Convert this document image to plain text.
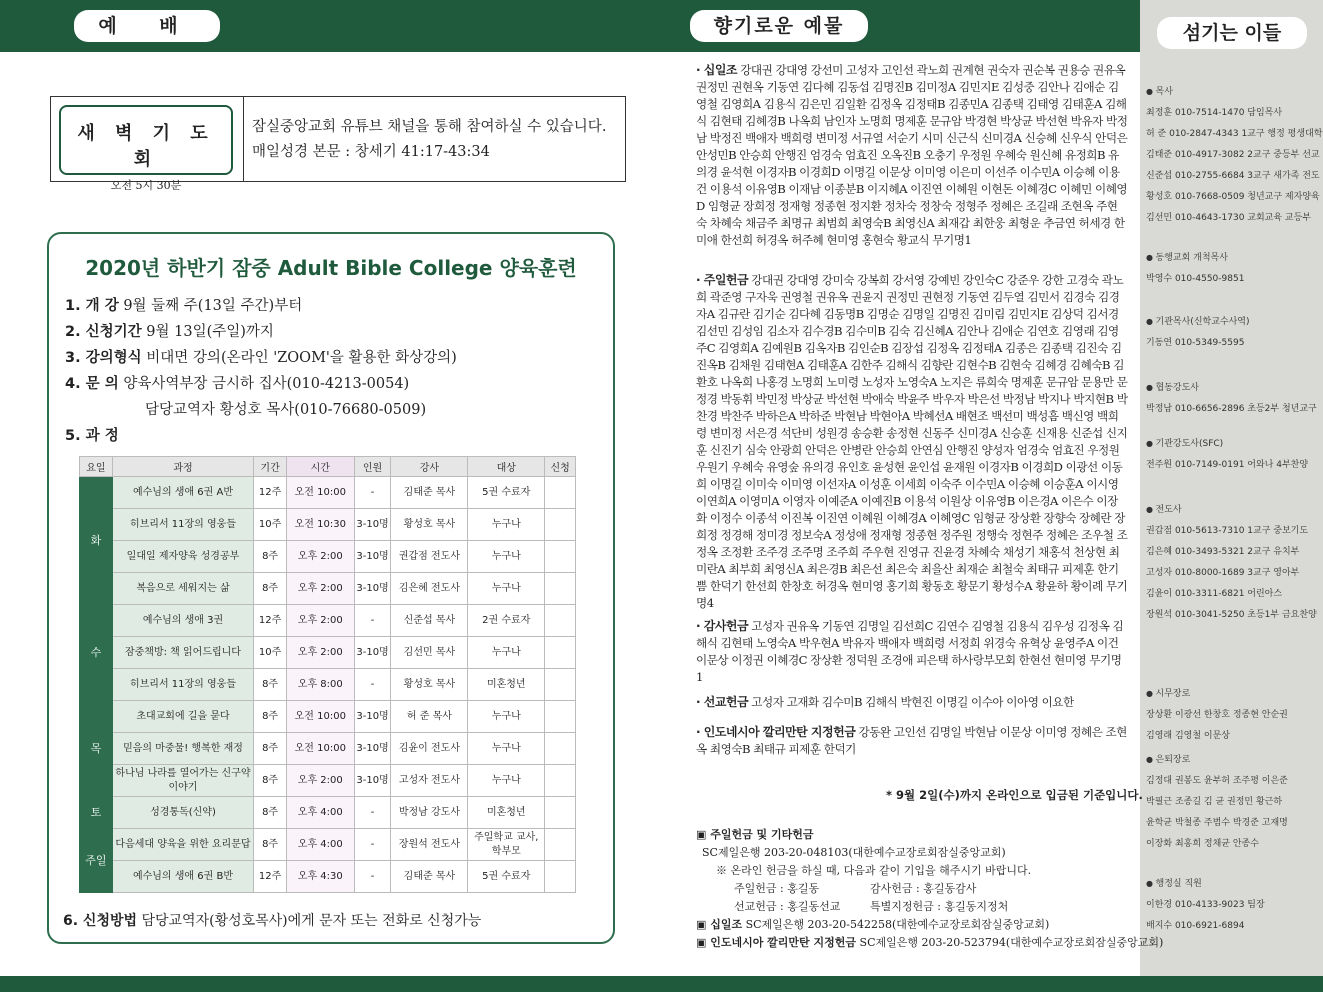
예 배	향기로운 예물	섬기는 이들
새 벽 기 도 회
오전 5시 30분
잠실중앙교회 유튜브 채널을 통해 참여하실 수 있습니다.
매일성경 본문 : 창세기 41:17-43:34
2020년 하반기 잠중 Adult Bible College 양육훈련
1. 개 강 9월 둘째 주(13일 주간)부터
2. 신청기간 9월 13일(주일)까지
3. 강의형식 비대면 강의(온라인 'ZOOM'을 활용한 화상강의)
4. 문 의 양육사역부장 금시하 집사(010-4213-0054)
담당교역자 황성호 목사(010-76680-0509)
5. 과 정
요일	과정	기간	시간	인원	강사	대상	신청
화	예수님의 생애 6권 A반	12주	오전 10:00	-	김태준 목사	5권 수료자	
	히브리서 11장의 영웅들	10주	오전 10:30	3-10명	황성호 목사	누구나	
	일대일 제자양육 성경공부	8주	오후 2:00	3-10명	권갑점 전도사	누구나	
	복음으로 세워지는 삶	8주	오후 2:00	3-10명	김은혜 전도사	누구나	
수	예수님의 생애 3권	12주	오후 2:00	-	신준섭 목사	2권 수료자	
	잠중책방: 책 읽어드립니다	10주	오후 2:00	3-10명	김선민 목사	누구나	
	히브리서 11장의 영웅들	8주	오후 8:00	-	황성호 목사	미혼청년	
목	초대교회에 길을 묻다	8주	오전 10:00	3-10명	허 준 목사	누구나	
	믿음의 마중물! 행복한 재정	8주	오전 10:00	3-10명	김윤이 전도사	누구나	
	하나님 나라를 열어가는 신구약 이야기	8주	오후 2:00	3-10명	고성자 전도사	누구나	
토	성경통독(신약)	8주	오후 4:00	-	박정남 강도사	미혼청년	
주일	다음세대 양육을 위한 요리문답	8주	오후 4:00	-	장원석 전도사	주일학교 교사, 학부모	
	예수님의 생애 6권 B반	12주	오후 4:30	-	김태준 목사	5권 수료자	
6. 신청방법 담당교역자(황성호목사)에게 문자 또는 전화로 신청가능
· 십일조 강대권 강대영 강선미 고성자 고인선 곽노희 권계현 권숙자 권순복 권용승 권유옥 권정민 권현옥 기동연 김다혜 김동섭 김명진B 김미정A 김민지E 김성중 김안나 김애순 김영철 김영희A 김용식 김은민 김일환 김정옥 김정태B 김종민A 김종택 김태영 김태훈A 김해식 김현태 김혜경B 나옥희 남인자 노명희 명제훈 문규암 박경현 박상균 박선현 박유자 박정남 박정진 백애자 백희령 변미정 서규열 서순기 시미 신근식 신미경A 신승혜 신우식 안덕은 안성민B 안승희 안행진 엄경숙 엄효진 오옥진B 오충기 우정원 우혜숙 원신혜 유정희B 유의경 윤석현 이경자B 이경희D 이명길 이문상 이미영 이은미 이선주 이수민A 이승혜 이용건 이용석 이유영B 이재남 이종분B 이지혜A 이진연 이혜원 이현돈 이혜경C 이혜민 이혜영D 임형균 장희정 정재형 정종현 정지환 정차숙 정창숙 정형주 정혜은 조길래 조현옥 주현숙 차혜숙 채금주 최명규 최범희 최영숙B 최영신A 최재갑 최한웅 최형운 추금연 허세경 한미애 한선희 허경옥 허주혜 현미영 홍현숙 황교식 무기명1
· 주일헌금 강대권 강대영 강미숙 강복희 강서영 강예빈 강인숙C 강준우 강한 고경숙 곽노희 곽준영 구자욱 권영철 권유옥 권윤지 권정민 권현정 기동연 김두열 김민서 김경숙 김경자A 김규란 김기순 김다혜 김동명B 김명순 김명일 김명진 김미림 김민지E 김상덕 김서경 김선민 김성임 김소자 김수경B 김수미B 김숙 김신혜A 김안나 김애순 김연호 김영래 김영주C 김영희A 김예원B 김옥자B 김인순B 김장섭 김정옥 김정태A 김종은 김종택 김진숙 김진옥B 김채원 김태현A 김태훈A 김한주 김해식 김향란 김현수B 김현숙 김혜경 김혜숙B 김환호 나옥희 나홍경 노명희 노미령 노성자 노영숙A 노지은 류희숙 명제훈 문규암 문용만 문정경 박동휘 박민정 박상균 박선현 박애숙 박윤주 박우자 박은선 박정남 박지나 박지현B 박찬경 박찬주 박하은A 박하준 박현남 박현아A 박혜선A 배현조 백선미 백성흠 백신영 백희령 변미정 서은경 석단비 성원경 송승환 송정현 신동주 신미경A 신승훈 신재용 신준섭 신지훈 신진기 심숙 안광희 안덕은 안병란 안승희 안연심 안행진 양성자 엄경숙 엄효진 우정원 우원기 우혜숙 유영숲 유의경 유인호 윤성현 윤인섭 윤재원 이경자B 이경희D 이광선 이동희 이명길 이미숙 이미영 이선자A 이성훈 이세희 이숙주 이수민A 이승혜 이승훈A 이시영 이연희A 이영미A 이영자 이예준A 이예진B 이용석 이원상 이유영B 이은경A 이은수 이장화 이정수 이종석 이진복 이진연 이혜원 이혜경A 이혜영C 임형균 장상환 장향숙 장혜란 장희정 정경해 정미경 정보숙A 정성애 정재형 정종현 정주원 정행숙 정현주 정혜은 조우철 조정옥 조정환 조주경 조주명 조주희 주우현 진영규 진윤경 차혜숙 채성기 채홍석 천상현 최미란A 최부희 최영신A 최은경B 최은선 최은숙 최을산 최재순 최철숙 최태규 피제훈 한기쁨 한덕기 한선희 한창호 허경옥 현미영 홍기희 황동호 황문기 황성수A 황윤하 황이례 무기명4
· 감사헌금 고성자 권유옥 기동연 김명일 김선희C 김연수 김영철 김용식 김우성 김정옥 김해식 김현태 노영숙A 박우현A 박유자 백애자 백희령 서정희 위경숙 유혁상 윤영주A 이건 이문상 이정권 이혜경C 장상환 정덕원 조경애 피은택 하사랑부모회 한현선 현미영 무기명1
· 선교헌금 고성자 고재화 김수미B 김해식 박현진 이명길 이수아 이아영 이요한
· 인도네시아 깔리만탄 지정헌금 강동완 고인선 김명일 박현남 이문상 이미영 정혜은 조현옥 최영숙B 최태규 피제훈 한덕기
* 9월 2일(수)까지 온라인으로 입금된 기준입니다.
▣ 주일헌금 및 기타헌금
SC제일은행 203-20-048103(대한예수교장로회잠실중앙교회)
※ 온라인 헌금을 하실 때, 다음과 같이 기입을 해주시기 바랍니다.
주일헌금 : 홍길동	감사헌금 : 홍길동감사
선교헌금 : 홍길동선교	특별지정헌금 : 홍길동지정처
▣ 십일조 SC제일은행 203-20-542258(대한예수교장로회잠실중앙교회)
▣ 인도네시아 깔리만탄 지정헌금 SC제일은행 203-20-523794(대한예수교장로회잠실중앙교회)
● 목사
최정훈 010-7514-1470 담임목사
허 준 010-2847-4343 1교구 행정 평생대학
김태준 010-4917-3082 2교구 중등부 선교
신준섭 010-2755-6684 3교구 새가족 전도
황성호 010-7668-0509 청년교구 제자양육
김선민 010-4643-1730 교회교육 교등부
● 동행교회 개척목사
박영수 010-4550-9851
● 기관목사(신학교수사역)
기동연 010-5349-5595
● 협동강도사
박정남 010-6656-2896 초등2부 청년교구
● 기관강도사(SFC)
전주원 010-7149-0191 어와나 4부찬양
● 전도사
권갑점 010-5613-7310 1교구 중보기도
김은혜 010-3493-5321 2교구 유치부
고성자 010-8000-1689 3교구 영아부
김윤이 010-3311-6821 어린아스
장원석 010-3041-5250 초등1부 금요찬양
● 시무장로
장상환 이광선 한창호 정종현 안순권
김영래 김영철 이문상
● 은퇴장로
김정대 권봉도 윤부허 조주평 이은준
박필근 조종길 김 균 권정민 황근하
윤학균 박철종 주범수 박경준 고재명
이장화 최홍희 정채균 안종수
● 행정실 직원
이한경 010-4133-9023 팀장
배지수 010-6921-6894
